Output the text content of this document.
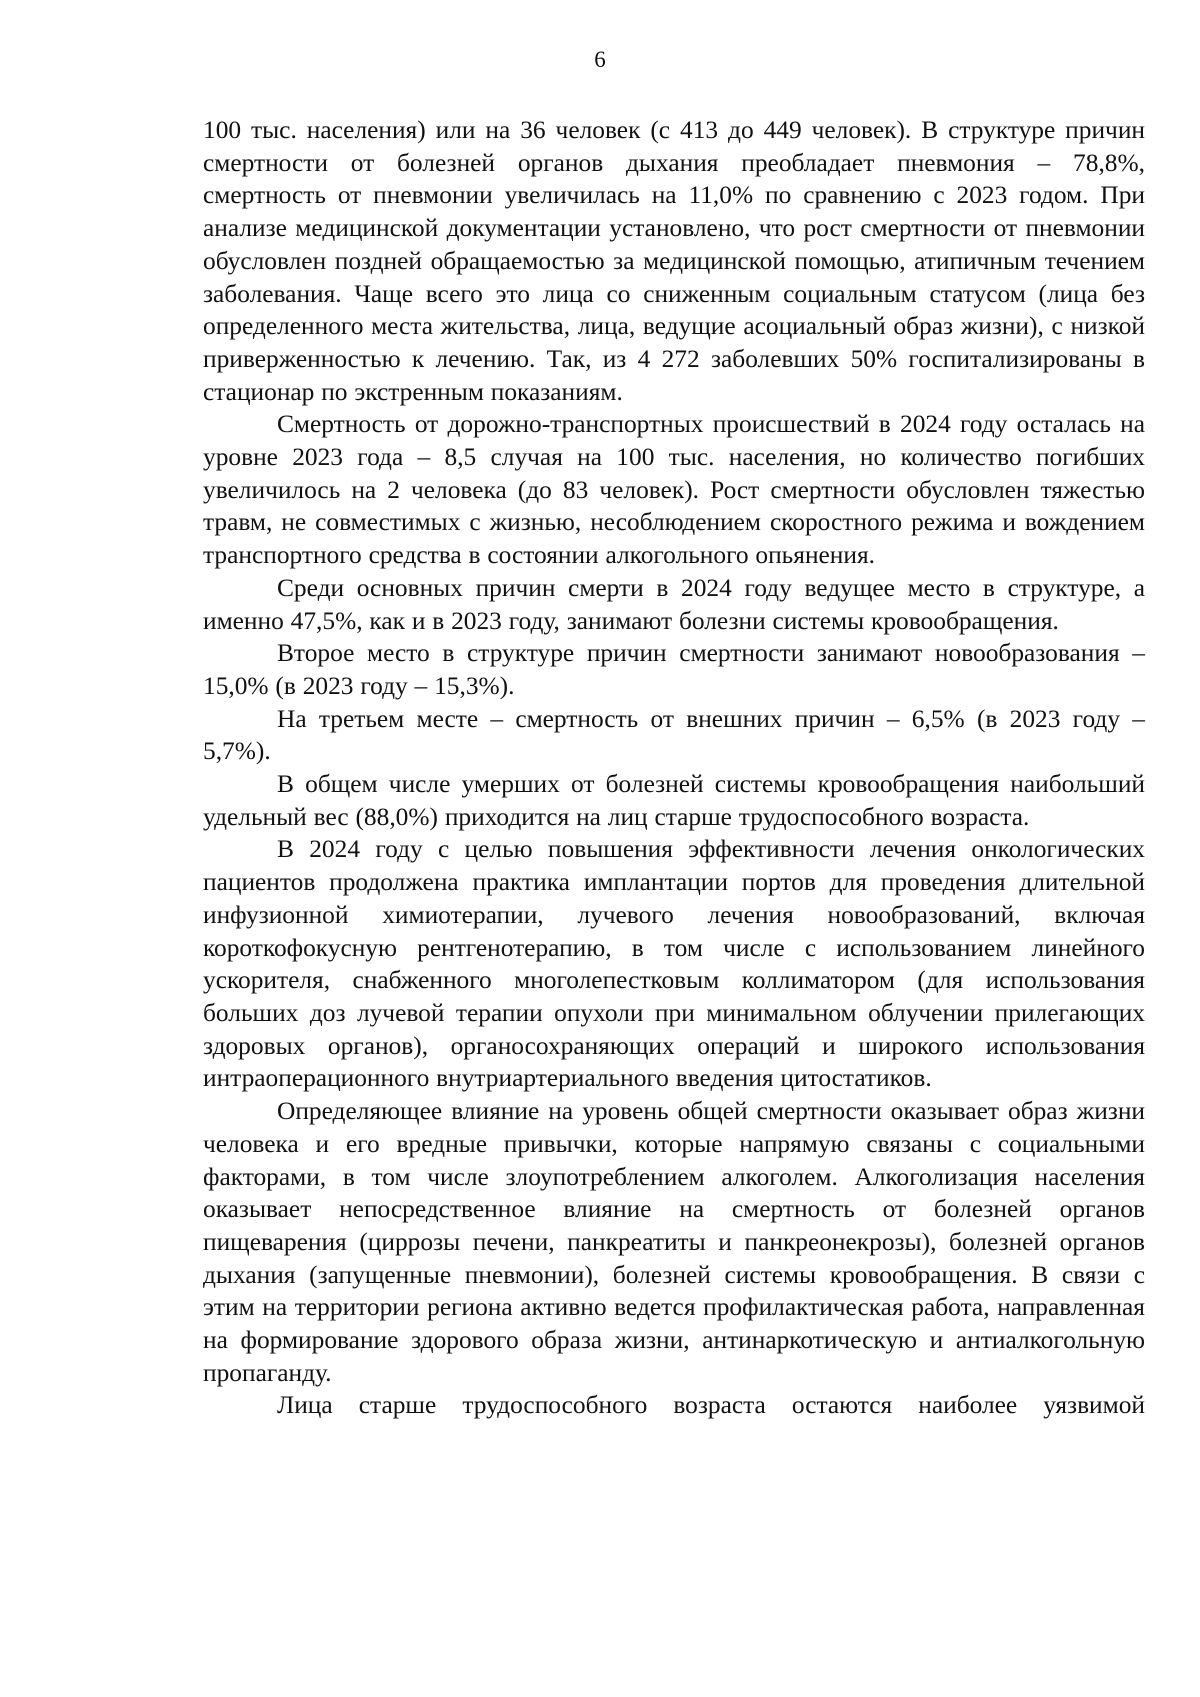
6

100 тыс. населения) или на 36 человек (с 413 до 449 человек). В структуре причин смертности от болезней органов дыхания преобладает пневмония – 78,8%, смертность от пневмонии увеличилась на 11,0% по сравнению с 2023 годом. При анализе медицинской документации установлено, что рост смертности от пневмонии обусловлен поздней обращаемостью за медицинской помощью, атипичным течением заболевания. Чаще всего это лица со сниженным социальным статусом (лица без определенного места жительства, лица, ведущие асоциальный образ жизни), с низкой приверженностью к лечению. Так, из 4 272 заболевших 50% госпитализированы в стационар по экстренным показаниям.

Смертность от дорожно-транспортных происшествий в 2024 году осталась на уровне 2023 года – 8,5 случая на 100 тыс. населения, но количество погибших увеличилось на 2 человека (до 83 человек). Рост смертности обусловлен тяжестью травм, не совместимых с жизнью, несоблюдением скоростного режима и вождением транспортного средства в состоянии алкогольного опьянения.

Среди основных причин смерти в 2024 году ведущее место в структуре, а именно 47,5%, как и в 2023 году, занимают болезни системы кровообращения.

Второе место в структуре причин смертности занимают новообразования – 15,0% (в 2023 году – 15,3%).

На третьем месте – смертность от внешних причин – 6,5% (в 2023 году – 5,7%).

В общем числе умерших от болезней системы кровообращения наибольший удельный вес (88,0%) приходится на лиц старше трудоспособного возраста.

В 2024 году с целью повышения эффективности лечения онкологических пациентов продолжена практика имплантации портов для проведения длительной инфузионной химиотерапии, лучевого лечения новообразований, включая короткофокусную рентгенотерапию, в том числе с использованием линейного ускорителя, снабженного многолепестковым коллиматором (для использования больших доз лучевой терапии опухоли при минимальном облучении прилегающих здоровых органов), органосохраняющих операций и широкого использования интраоперационного внутриартериального введения цитостатиков.

Определяющее влияние на уровень общей смертности оказывает образ жизни человека и его вредные привычки, которые напрямую связаны с социальными факторами, в том числе злоупотреблением алкоголем. Алкоголизация населения оказывает непосредственное влияние на смертность от болезней органов пищеварения (циррозы печени, панкреатиты и панкреонекрозы), болезней органов дыхания (запущенные пневмонии), болезней системы кровообращения. В связи с этим на территории региона активно ведется профилактическая работа, направленная на формирование здорового образа жизни, антинаркотическую и антиалкогольную пропаганду.

Лица старше трудоспособного возраста остаются наиболее уязвимой
